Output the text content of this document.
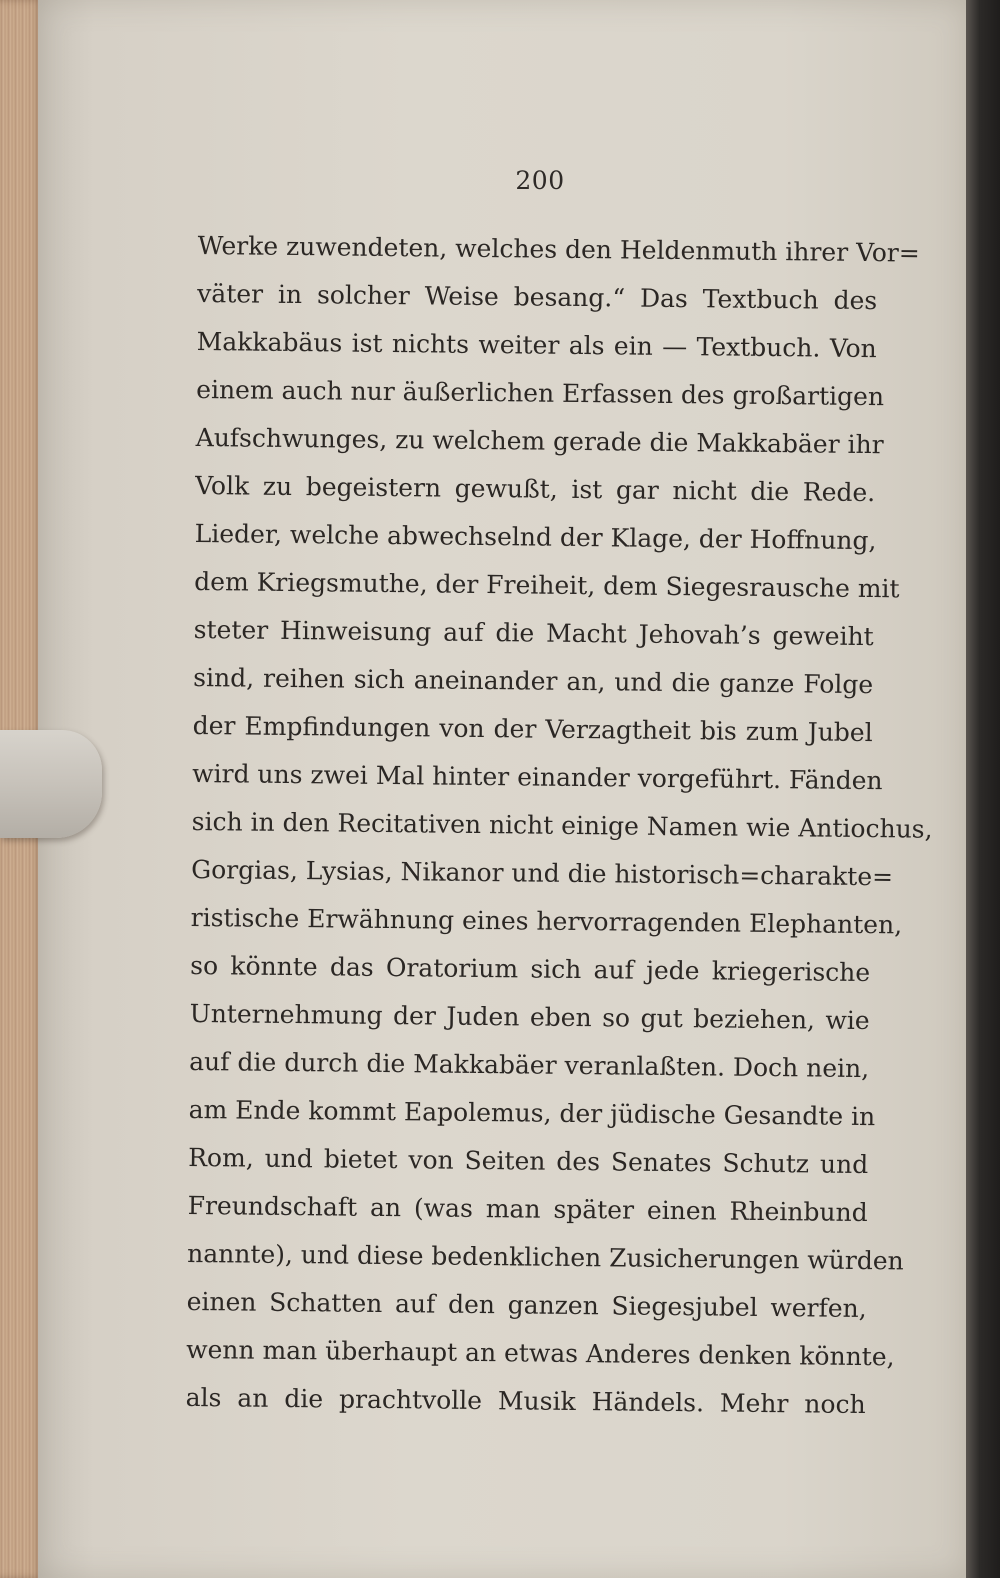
200
Werke zuwendeten, welches den Heldenmuth ihrer Vor=
väter in solcher Weise besang.“ Das Textbuch des
Makkabäus ist nichts weiter als ein — Textbuch. Von
einem auch nur äußerlichen Erfassen des großartigen
Aufschwunges, zu welchem gerade die Makkabäer ihr
Volk zu begeistern gewußt, ist gar nicht die Rede.
Lieder, welche abwechselnd der Klage, der Hoffnung,
dem Kriegsmuthe, der Freiheit, dem Siegesrausche mit
steter Hinweisung auf die Macht Jehovah’s geweiht
sind, reihen sich aneinander an, und die ganze Folge
der Empfindungen von der Verzagtheit bis zum Jubel
wird uns zwei Mal hinter einander vorgeführt. Fänden
sich in den Recitativen nicht einige Namen wie Antiochus,
Gorgias, Lysias, Nikanor und die historisch=charakte=
ristische Erwähnung eines hervorragenden Elephanten,
so könnte das Oratorium sich auf jede kriegerische
Unternehmung der Juden eben so gut beziehen, wie
auf die durch die Makkabäer veranlaßten. Doch nein,
am Ende kommt Eapolemus, der jüdische Gesandte in
Rom, und bietet von Seiten des Senates Schutz und
Freundschaft an (was man später einen Rheinbund
nannte), und diese bedenklichen Zusicherungen würden
einen Schatten auf den ganzen Siegesjubel werfen,
wenn man überhaupt an etwas Anderes denken könnte,
als an die prachtvolle Musik Händels. Mehr noch
